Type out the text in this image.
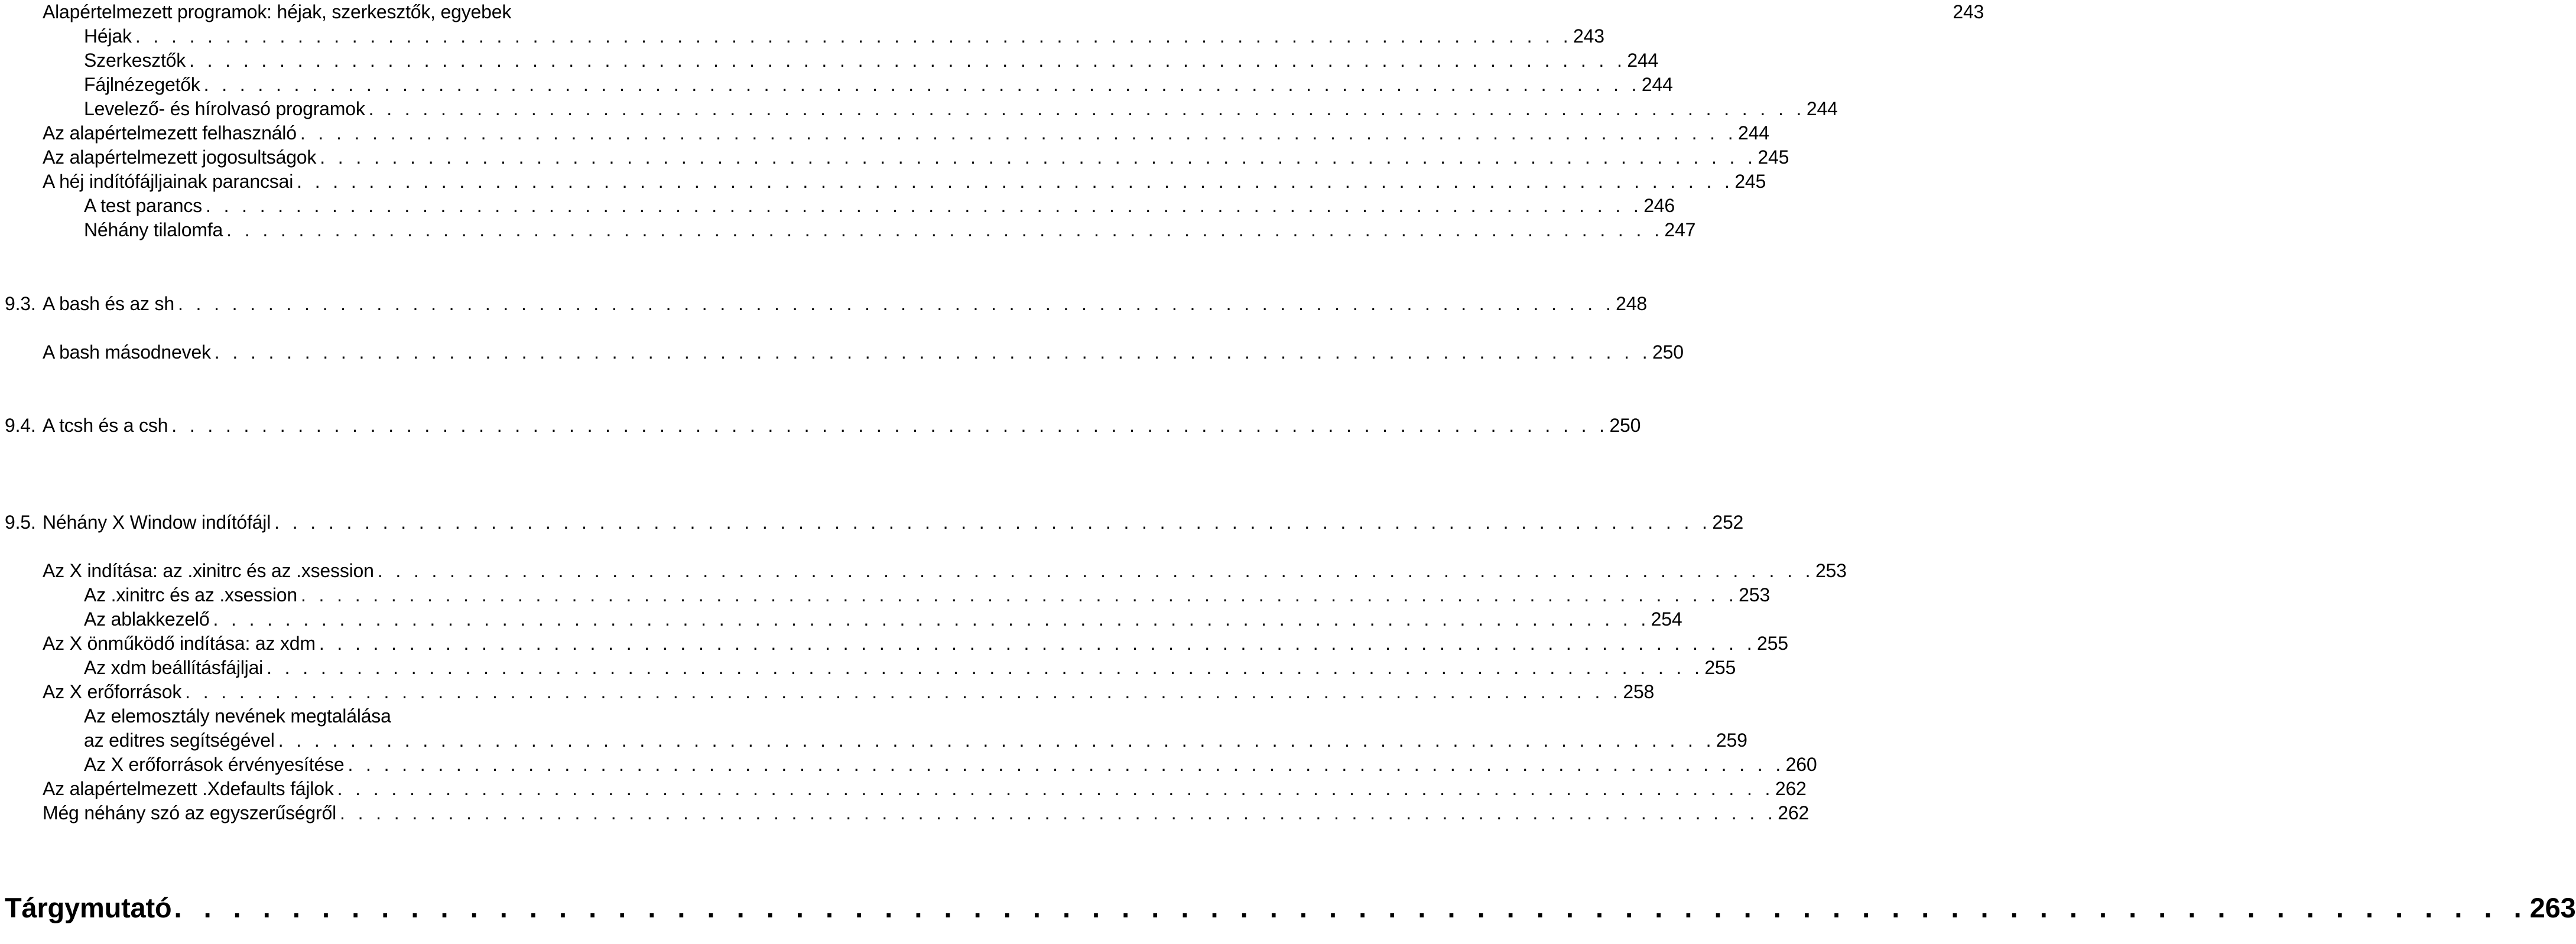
Alapértelmezett programok: héjak, szerkesztők, egyebek	243
Héjak . . .	243
Szerkesztők . . .	244
Fájlnézegetők . . .	244
Levelező- és hírolvasó programok . . .	244
Az alapértelmezett felhasználó . . .	244
Az alapértelmezett jogosultságok . . .	245
A héj indítófájljainak parancsai . . .	245
A test parancs . . .	246
Néhány tilalomfa . . .	247
9.3. A bash és az sh . . .	248
A bash másodnevek . . .	250
9.4. A tcsh és a csh . . .	250
9.5. Néhány X Window indítófájl . . .	252
Az X indítása: az .xinitrc és az .xsession . . .	253
Az .xinitrc és az .xsession . . .	253
Az ablakkezelő . . .	254
Az X önműködő indítása: az xdm . . .	255
Az xdm beállításfájljai . . .	255
Az X erőforrások . . .	258
Az elemosztály nevének megtalálása
az editres segítségével . . .	259
Az X erőforrások érvényesítése . . .	260
Az alapértelmezett .Xdefaults fájlok . . .	262
Még néhány szó az egyszerűségről . . .	262
Tárgymutató . . .	263
